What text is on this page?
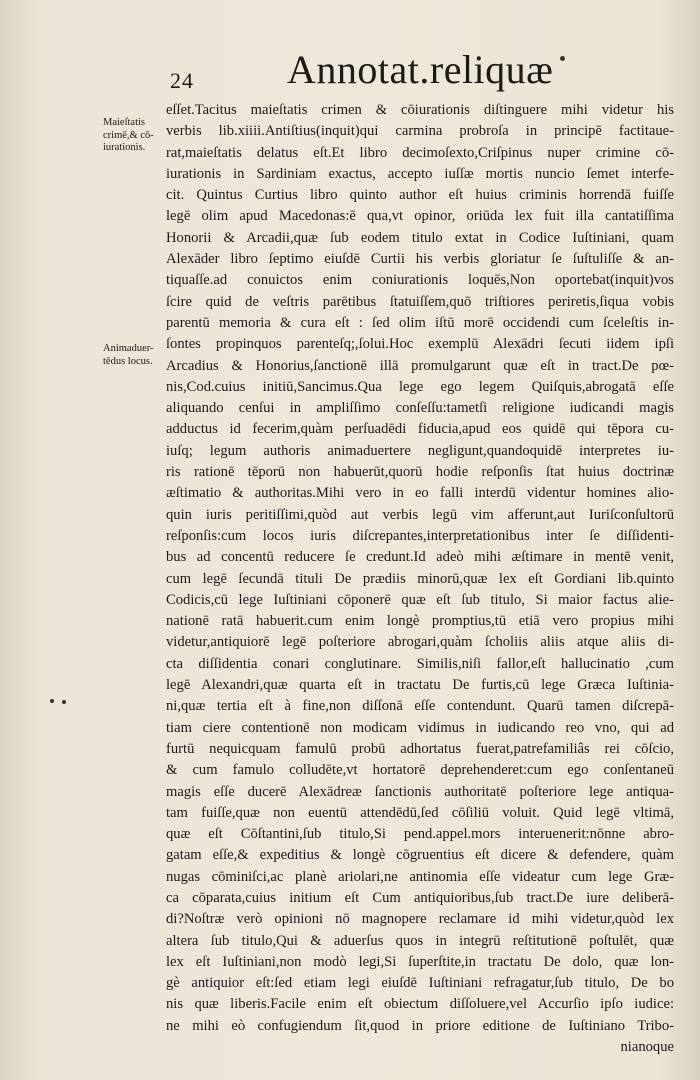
24 Annotat.reliquæ
Maieſtatis
crimē,& cō-
iurationis.
Animaduer-
tēdus locus.
eſſet.Tacitus maieſtatis crimen & cōiurationis diſtinguere mihi videtur his
verbis lib.xiiii.Antiſtius(inquit)qui carmina probroſa in principē factitaue-
rat,maieſtatis delatus eſt.Et libro decimoſexto,Criſpinus nuper crimine cō-
iurationis in Sardiniam exactus, accepto iuſſæ mortis nuncio ſemet interfe-
cit. Quintus Curtius libro quinto author eſt huius criminis horrendā fuiſſe
legē olim apud Macedonas:ē qua,vt opinor, oriūda lex fuit illa cantatiſſima
Honorii & Arcadii,quæ ſub eodem titulo extat in Codice Iuſtiniani, quam
Alexāder libro ſeptimo eiuſdē Curtii his verbis gloriatur ſe ſuſtuliſſe & an-
tiquaſſe.ad conuictos enim coniurationis loquēs,Non oportebat(inquit)vos
ſcire quid de veſtris parētibus ſtatuiſſem,quō triſtiores periretis,ſiqua vobis
parentū memoria & cura eſt : ſed olim iſtū morē occidendi cum ſceleſtis in-
ſontes propinquos parenteſq;,ſolui.Hoc exemplū Alexādri ſecuti iidem ipſi
Arcadius & Honorius,ſanctionē illā promulgarunt quæ eſt in tract.De pœ-
nis,Cod.cuius initiū,Sancimus.Qua lege ego legem Quiſquis,abrogatā eſſe
aliquando cenſui in ampliſſimo conſeſſu:tametſi religione iudicandi magis
adductus id fecerim,quàm perſuadēdi fiducia,apud eos quidē qui tēpora cu-
iuſq; legum authoris animaduertere negligunt,quandoquidē interpretes iu-
ris rationē tēporū non habuerūt,quorū hodie reſponſis ſtat huius doctrinæ
æſtimatio & authoritas.Mihi vero in eo falli interdū videntur homines alio-
quin iuris peritiſſimi,quòd aut verbis legū vim afferunt,aut Iuriſconſultorū
reſponſis:cum locos iuris diſcrepantes,interpretationibus inter ſe diſſidenti-
bus ad concentū reducere ſe credunt.Id adeò mihi æſtimare in mentē venit,
cum legē ſecundā tituli De prædiis minorū,quæ lex eſt Gordiani lib.quinto
Codicis,cū lege Iuſtiniani cōponerē quæ eſt ſub titulo, Si maior factus alie-
nationē ratā habuerit.cum enim longè promptius,tū etiā vero propius mihi
videtur,antiquiorē legē poſteriore abrogari,quàm ſcholiis aliis atque aliis di-
cta diſſidentia conari conglutinare. Similis,niſi fallor,eſt hallucinatio ,cum
legē Alexandri,quæ quarta eſt in tractatu De furtis,cū lege Græca Iuſtinia-
ni,quæ tertia eſt à fine,non diſſonā eſſe contendunt. Quarū tamen diſcrepā-
tiam ciere contentionē non modicam vidimus in iudicando reo vno, qui ad
furtū nequicquam famulū probū adhortatus fuerat,patrefamiliâs rei cōſcio,
& cum famulo colludēte,vt hortatorē deprehenderet:cum ego conſentaneū
magis eſſe ducerē Alexādreæ ſanctionis authoritatē poſteriore lege antiqua-
tam fuiſſe,quæ non euentū attendēdū,ſed cōſiliū voluit. Quid legē vltimā,
quæ eſt Cōſtantini,ſub titulo,Si pend.appel.mors interuenerit:nōnne abro-
gatam eſſe,& expeditius & longè cōgruentius eſt dicere & defendere, quàm
nugas cōminiſci,ac planè ariolari,ne antinomia eſſe videatur cum lege Græ-
ca cōparata,cuius initium eſt Cum antiquioribus,ſub tract.De iure deliberā-
di?Noſtræ verò opinioni nō magnopere reclamare id mihi videtur,quòd lex
altera ſub titulo,Qui & aduerſus quos in integrū reſtitutionē poſtulēt, quæ
lex eſt Iuſtiniani,non modò legi,Si ſuperſtite,in tractatu De dolo, quæ lon-
gè antiquior eſt:ſed etiam legi eiuſdē Iuſtiniani refragatur,ſub titulo, De bo
nis quæ liberis.Facile enim eſt obiectum diſſoluere,vel Accurſio ipſo iudice:
ne mihi eò confugiendum ſit,quod in priore editione de Iuſtiniano Tribo-
nianoque
